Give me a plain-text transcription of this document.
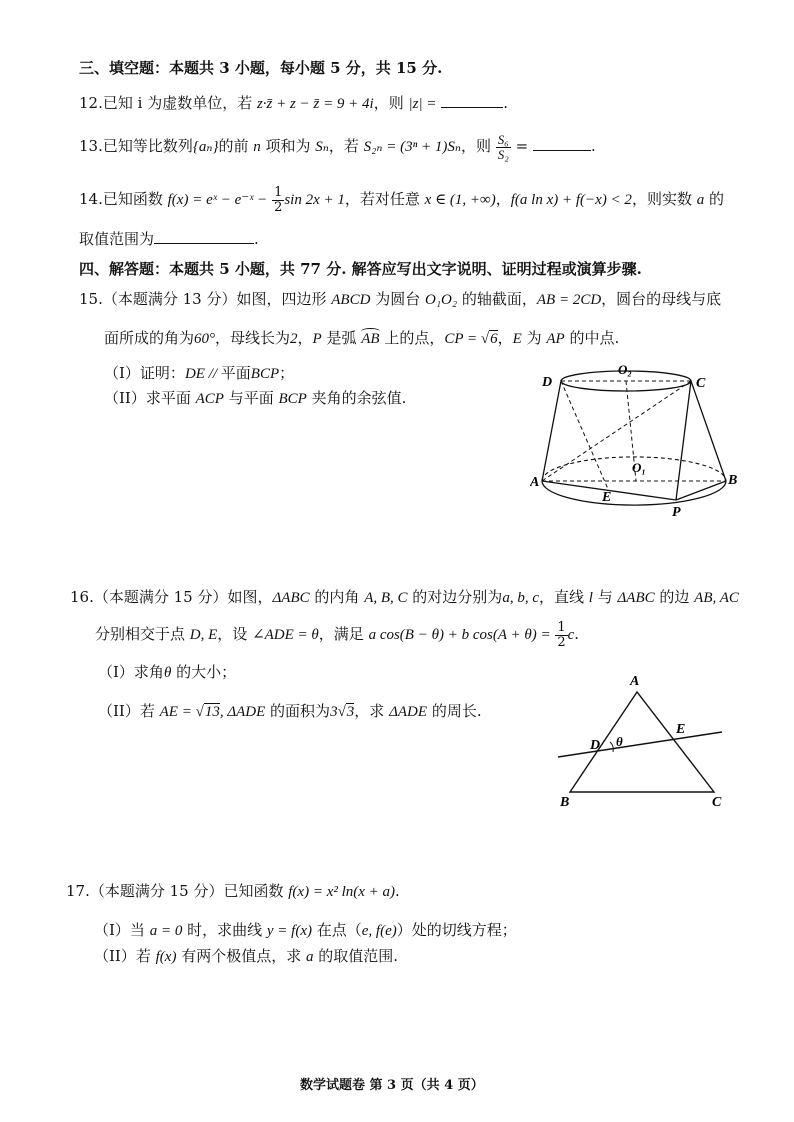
三、填空题：本题共 3 小题，每小题 5 分，共 15 分.
12.已知 i 为虚数单位，若 z·z̄ + z − z̄ = 9 + 4i，则 |z| =	.
13.已知等比数列{aₙ}的前 n 项和为 Sₙ，若 S₂ₙ = (3ⁿ + 1)Sₙ，则 $\frac{\text{S₆}}{\text{S₂}}$ =	.
14.已知函数 f(x) = eˣ − e⁻ˣ − $\frac{1}{2}$ sin 2x + 1，若对任意 x ∈ (1, +∞)，f(a ln x) + f(−x) < 2，则实数 a 的
取值范围为	.
四、解答题：本题共 5 小题，共 77 分. 解答应写出文字说明、证明过程或演算步骤.
15.（本题满分 13 分）如图，四边形 ABCD 为圆台 O₁O₂ 的轴截面，AB = 2CD，圆台的母线与底
面所成的角为60°，母线长为2，P 是弧
AB 上的点，CP = √6，E 为 AP 的中点.
（I）证明：DE // 平面BCP；
（II）求平面 ACP 与平面 BCP 夹角的余弦值.
D
O₂
C
O₁
A	B
E
P
16.（本题满分 15 分）如图，ΔABC 的内角 A, B, C 的对边分别为a, b, c，直线 l 与 ΔABC 的边 AB, AC
分别相交于点 D, E，设 ∠ADE = θ，满足 a cos(B − θ) + b $\cos(A + \theta) = \frac{1}{2} c$.
（I）求角θ 的大小；
（II）若 AE = √13, ΔADE 的面积为3√3，求 ΔADE 的周长.
A
E
D θ
B	C
17.（本题满分 15 分）已知函数 f(x) = x² ln(x + a).
（I）当 a = 0 时，求曲线 y = f(x) 在点（e, f(e)）处的切线方程；
（II）若 f(x) 有两个极值点，求 a 的取值范围.
数学试题卷 第 3 页（共 4 页）
